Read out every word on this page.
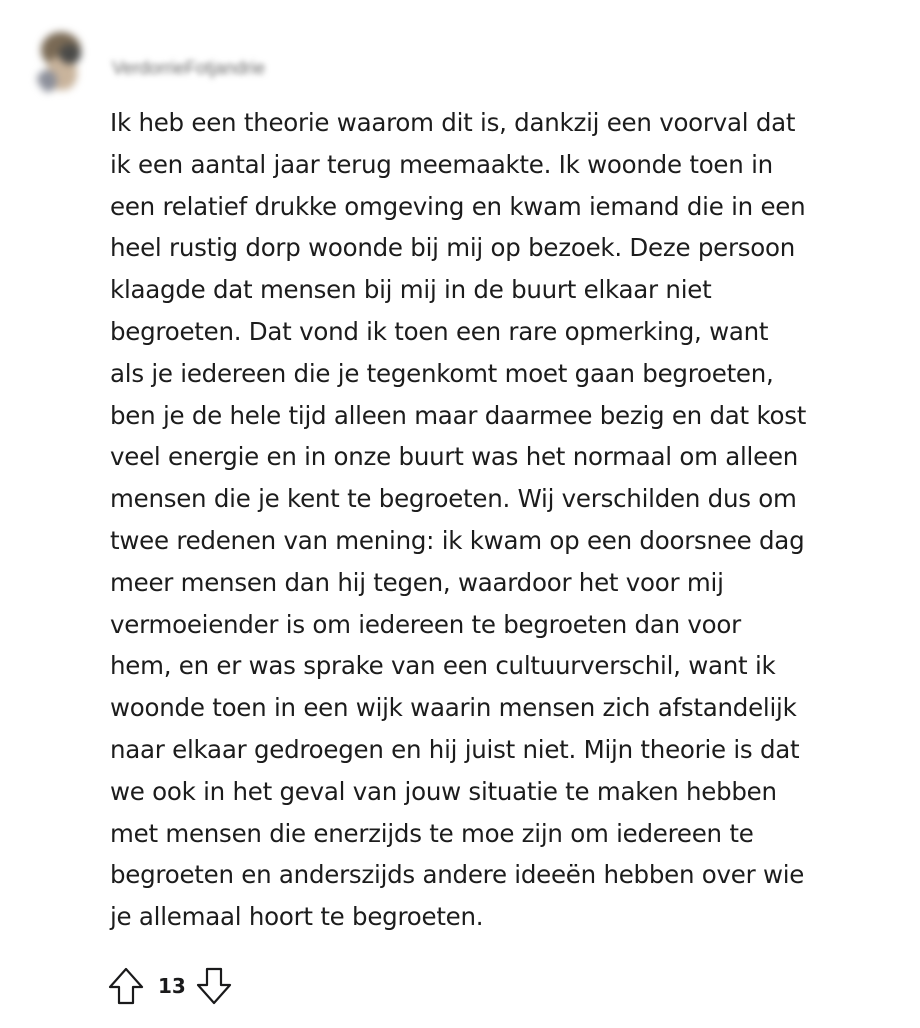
VerdorrieFotjandrie
Ik heb een theorie waarom dit is, dankzij een voorval dat
ik een aantal jaar terug meemaakte. Ik woonde toen in
een relatief drukke omgeving en kwam iemand die in een
heel rustig dorp woonde bij mij op bezoek. Deze persoon
klaagde dat mensen bij mij in de buurt elkaar niet
begroeten. Dat vond ik toen een rare opmerking, want
als je iedereen die je tegenkomt moet gaan begroeten,
ben je de hele tijd alleen maar daarmee bezig en dat kost
veel energie en in onze buurt was het normaal om alleen
mensen die je kent te begroeten. Wij verschilden dus om
twee redenen van mening: ik kwam op een doorsnee dag
meer mensen dan hij tegen, waardoor het voor mij
vermoeiender is om iedereen te begroeten dan voor
hem, en er was sprake van een cultuurverschil, want ik
woonde toen in een wijk waarin mensen zich afstandelijk
naar elkaar gedroegen en hij juist niet. Mijn theorie is dat
we ook in het geval van jouw situatie te maken hebben
met mensen die enerzijds te moe zijn om iedereen te
begroeten en anderszijds andere ideeën hebben over wie
je allemaal hoort te begroeten.
13
